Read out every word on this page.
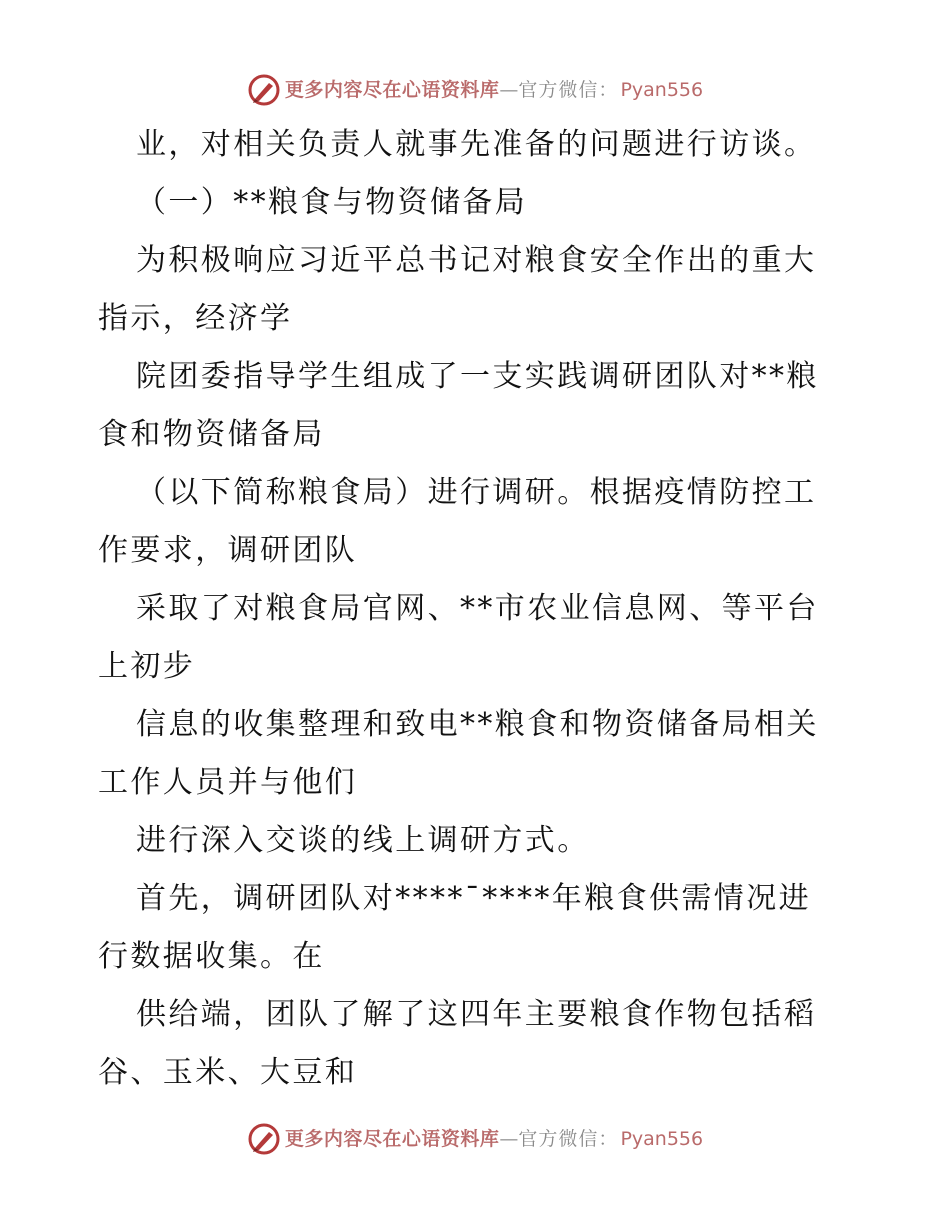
更多内容尽在心语资料库 — 官方微信： Pyan556

业，对相关负责人就事先准备的问题进行访谈。

（一）**粮食与物资储备局

为积极响应习近平总书记对粮食安全作出的重大

指示，经济学

院团委指导学生组成了一支实践调研团队对**粮

食和物资储备局

（以下简称粮食局）进行调研。根据疫情防控工

作要求，调研团队

采取了对粮食局官网、**市农业信息网、等平台

上初步

信息的收集整理和致电**粮食和物资储备局相关

工作人员并与他们

进行深入交谈的线上调研方式。

首先，调研团队对****¯****年粮食供需情况进

行数据收集。在

供给端，团队了解了这四年主要粮食作物包括稻

谷、玉米、大豆和

更多内容尽在心语资料库 — 官方微信： Pyan556
